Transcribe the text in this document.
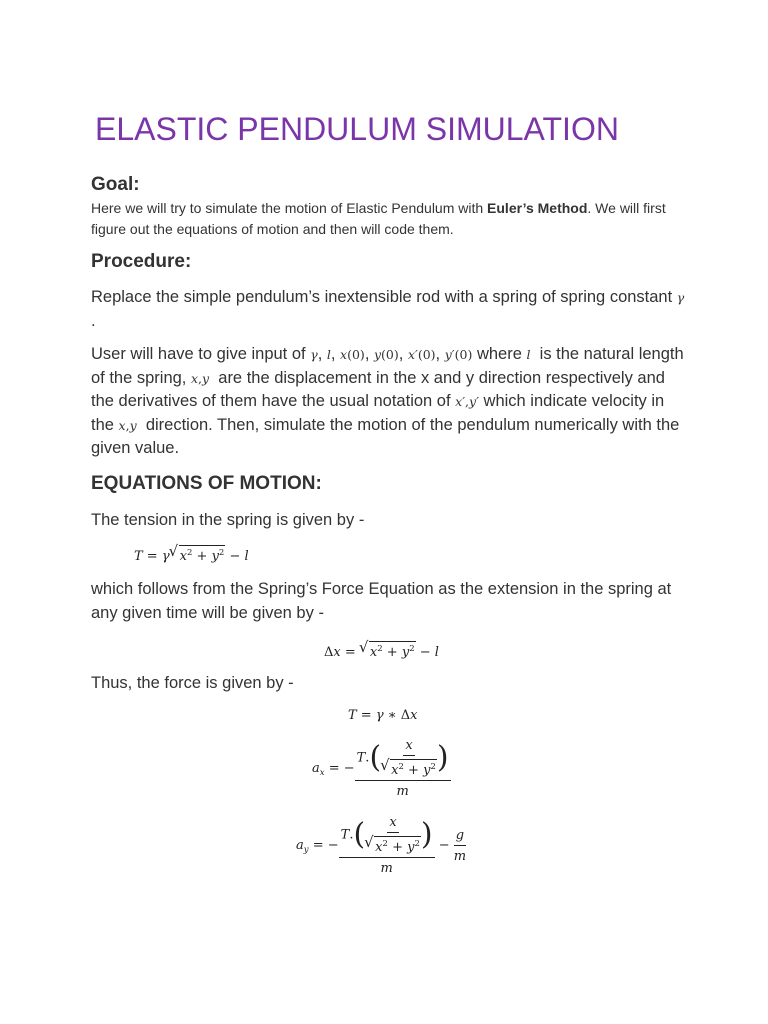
ELASTIC PENDULUM SIMULATION
Goal:

Here we will try to simulate the motion of Elastic Pendulum with Euler’s Method. We will first figure out the equations of motion and then will code them.

Procedure:

Replace the simple pendulum’s inextensible rod with a spring of spring constant γ .

User will have to give input of γ, l, x(0), y(0), x′(0), y′(0) where l is the natural length of the spring, x,y are the displacement in the x and y direction respectively and the derivatives of them have the usual notation of x′,y′ which indicate velocity in the x,y direction. Then, simulate the motion of the pendulum numerically with the given value.

EQUATIONS OF MOTION:

The tension in the spring is given by -

T = γ√ $x^2 + y^2 - l$

which follows from the Spring’s Force Equation as the extension in the spring at any given time will be given by -

Δx = √ $x^2 + y^2 - l$

Thus, the force is given by -

T = γ ∗ Δx
$a_x$ = − T.( x
√ $x^2 + y^2$ )
m
$a_y$ = − T.( x
√ $x^2 + y^2$ )
$m - \frac{g}{m}$
